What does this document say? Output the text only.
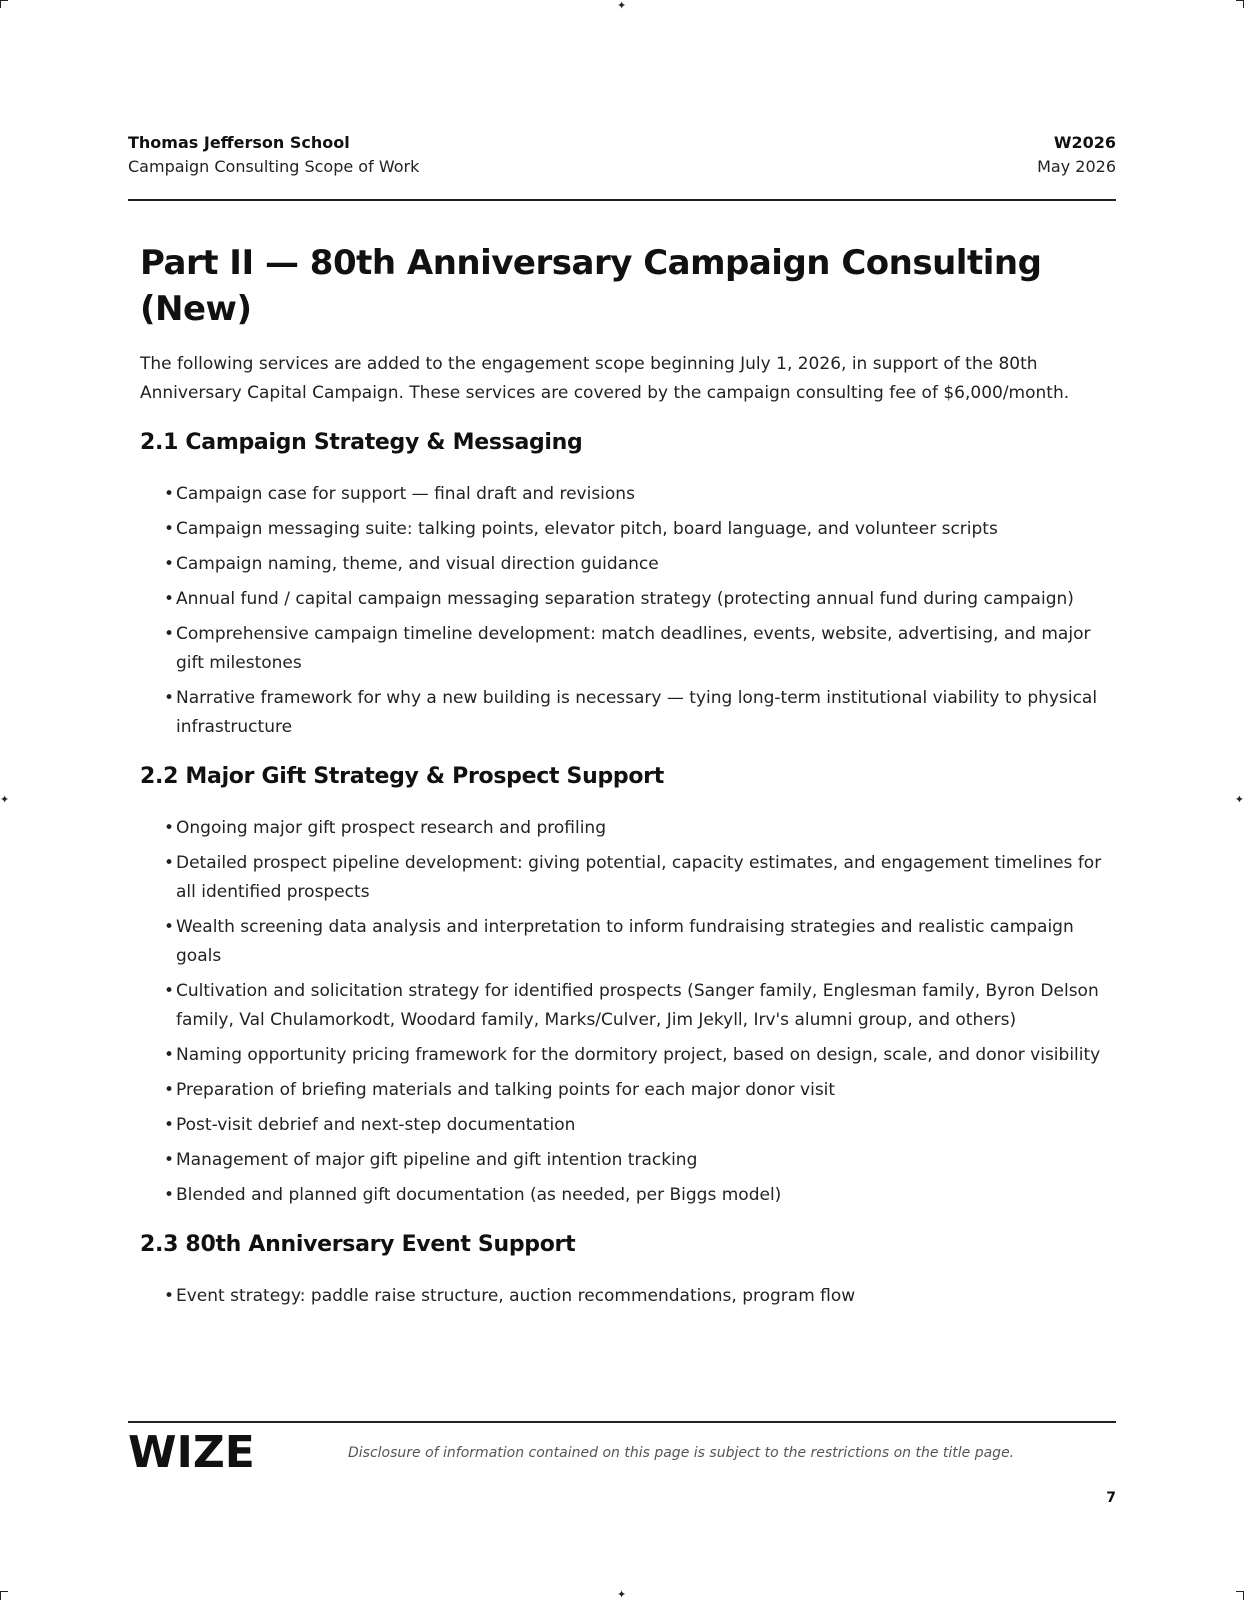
✦
✦
✦	✦
Thomas Jefferson School
Campaign Consulting Scope of Work
W2026
May 2026
Part II — 80th Anniversary Campaign Consulting (New)

The following services are added to the engagement scope beginning July 1, 2026, in support of the 80th Anniversary Capital Campaign. These services are covered by the campaign consulting fee of $6,000/month.

2.1 Campaign Strategy & Messaging
• Campaign case for support — final draft and revisions
• Campaign messaging suite: talking points, elevator pitch, board language, and volunteer scripts
• Campaign naming, theme, and visual direction guidance
• Annual fund / capital campaign messaging separation strategy (protecting annual fund during campaign)
• Comprehensive campaign timeline development: match deadlines, events, website, advertising, and major gift milestones
• Narrative framework for why a new building is necessary — tying long-term institutional viability to physical infrastructure
2.2 Major Gift Strategy & Prospect Support
• Ongoing major gift prospect research and profiling
• Detailed prospect pipeline development: giving potential, capacity estimates, and engagement timelines for all identified prospects
• Wealth screening data analysis and interpretation to inform fundraising strategies and realistic campaign goals
• Cultivation and solicitation strategy for identified prospects (Sanger family, Englesman family, Byron Delson family, Val Chulamorkodt, Woodard family, Marks/Culver, Jim Jekyll, Irv's alumni group, and others)
• Naming opportunity pricing framework for the dormitory project, based on design, scale, and donor visibility
• Preparation of briefing materials and talking points for each major donor visit
• Post-visit debrief and next-step documentation
• Management of major gift pipeline and gift intention tracking
• Blended and planned gift documentation (as needed, per Biggs model)
2.3 80th Anniversary Event Support
• Event strategy: paddle raise structure, auction recommendations, program flow
WIZE	Disclosure of information contained on this page is subject to the restrictions on the title page.
7
